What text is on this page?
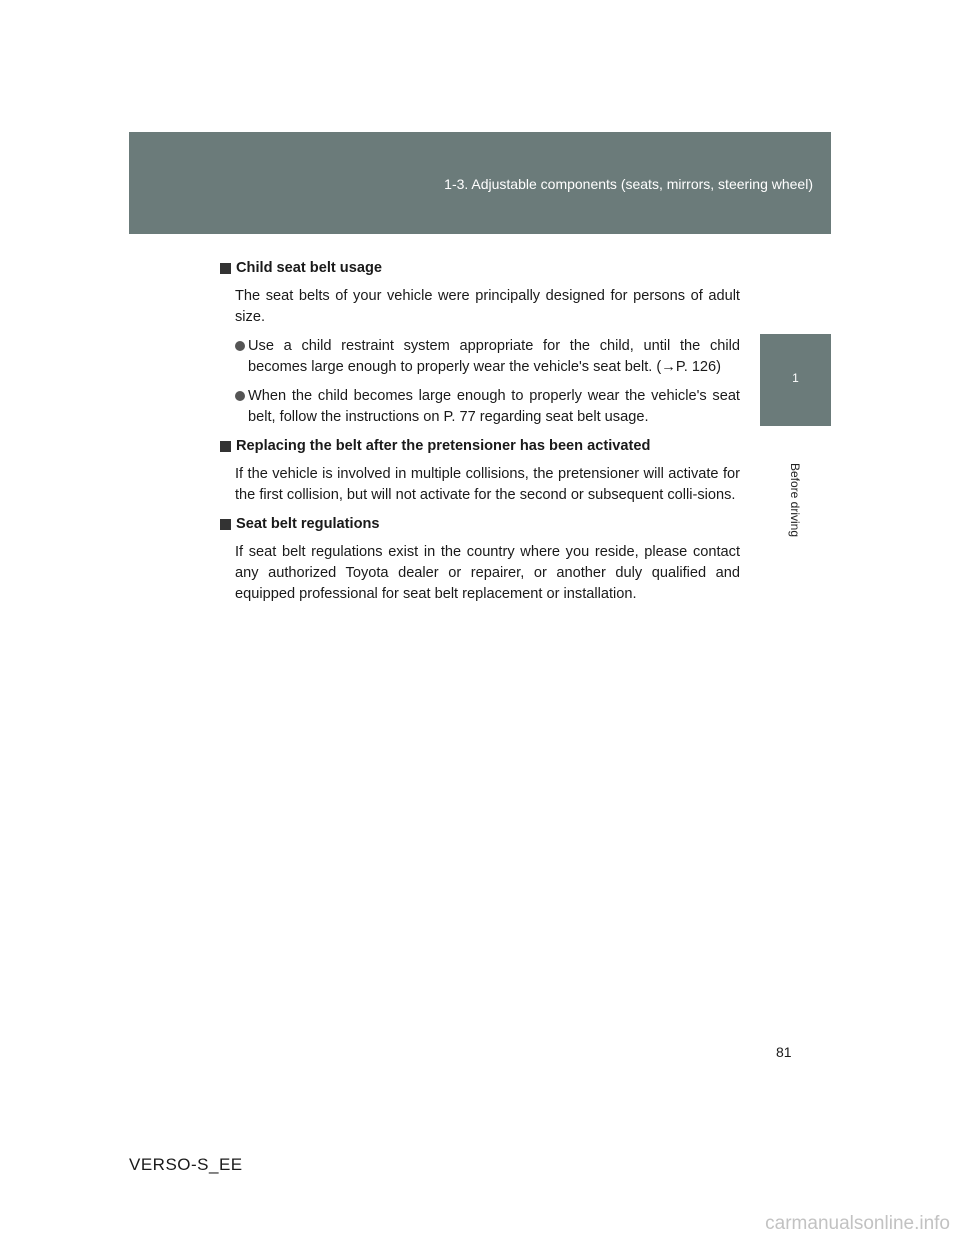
1-3. Adjustable components (seats, mirrors, steering wheel)
1
Before driving
Child seat belt usage

The seat belts of your vehicle were principally designed for persons of adult size.

Use a child restraint system appropriate for the child, until the child becomes large enough to properly wear the vehicle's seat belt. (→P. 126)
When the child becomes large enough to properly wear the vehicle's seat belt, follow the instructions on P. 77 regarding seat belt usage.
Replacing the belt after the pretensioner has been activated

If the vehicle is involved in multiple collisions, the pretensioner will activate for the first collision, but will not activate for the second or subsequent colli-sions.

Seat belt regulations

If seat belt regulations exist in the country where you reside, please contact any authorized Toyota dealer or repairer, or another duly qualified and equipped professional for seat belt replacement or installation.

81
VERSO-S_EE
carmanualsonline.info
